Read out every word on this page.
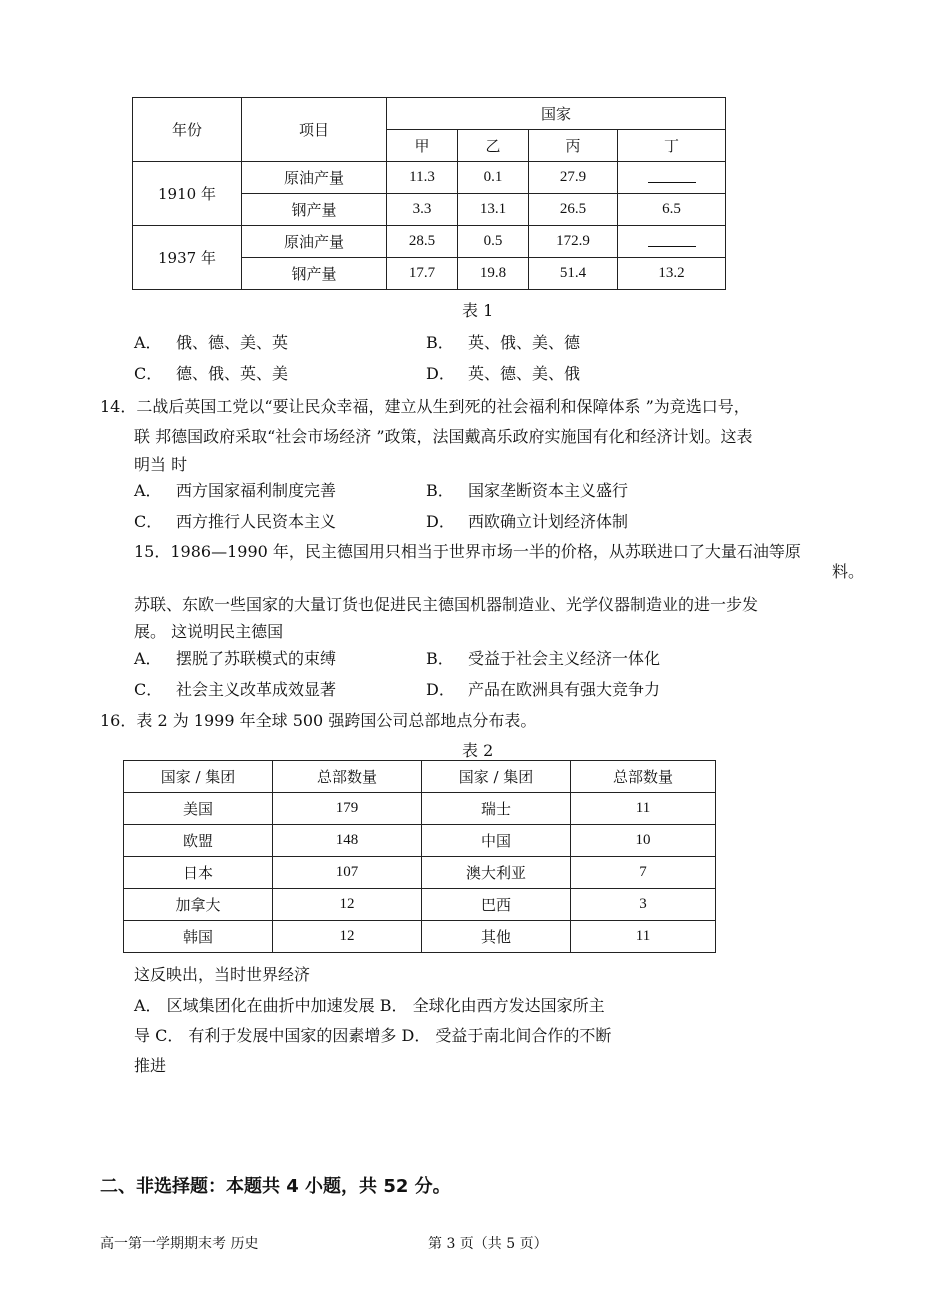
年份	项目	国家			
		甲	乙	丙	丁
1910 年	原油产量	11.3	0.1	27.9	
	钢产量	3.3	13.1	26.5	6.5
1937 年	原油产量	28.5	0.5	172.9	
	钢产量	17.7	19.8	51.4	13.2
表 1
A． 俄、德、美、英	B． 英、俄、美、德
C． 德、俄、英、美	D． 英、德、美、俄
14．二战后英国工党以“要让民众幸福，建立从生到死的社会福利和保障体系 ”为竞选口号，
联 邦德国政府采取“社会市场经济 ”政策，法国戴高乐政府实施国有化和经济计划。这表
明当 时
A． 西方国家福利制度完善	B． 国家垄断资本主义盛行
C． 西方推行人民资本主义	D． 西欧确立计划经济体制
15．1986—1990 年，民主德国用只相当于世界市场一半的价格，从苏联进口了大量石油等原
料。
苏联、东欧一些国家的大量订货也促进民主德国机器制造业、光学仪器制造业的进一步发
展。 这说明民主德国
A． 摆脱了苏联模式的束缚	B． 受益于社会主义经济一体化
C． 社会主义改革成效显著	D． 产品在欧洲具有强大竞争力
16．表 2 为 1999 年全球 500 强跨国公司总部地点分布表。
表 2
国家 / 集团	总部数量	国家 / 集团	总部数量
美国	179	瑞士	11
欧盟	148	中国	10
日本	107	澳大利亚	7
加拿大	12	巴西	3
韩国	12	其他	11
这反映出，当时世界经济
A． 区域集团化在曲折中加速发展 B． 全球化由西方发达国家所主
导 C． 有利于发展中国家的因素增多 D． 受益于南北间合作的不断
推进
二、非选择题：本题共 4 小题，共 52 分。
高一第一学期期末考 历史	第 3 页（共 5 页）
